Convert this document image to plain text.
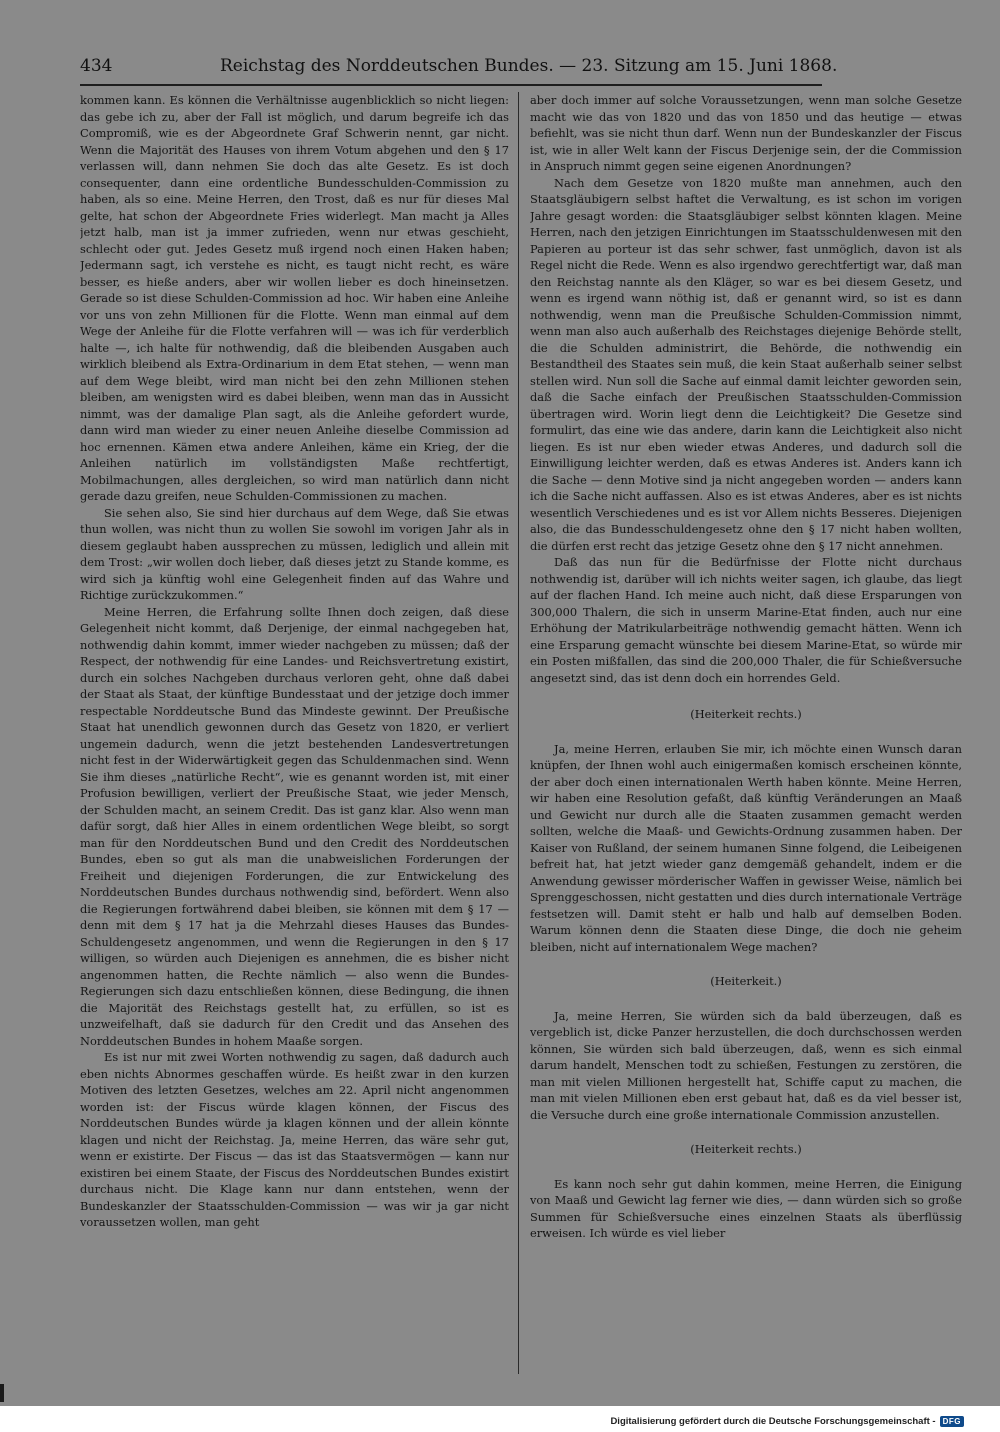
434	Reichstag des Norddeutschen Bundes. — 23. Sitzung am 15. Juni 1868.

kommen kann. Es können die Verhältnisse augenblicklich so nicht liegen: das gebe ich zu, aber der Fall ist möglich, und darum begreife ich das Compromiß, wie es der Abgeordnete Graf Schwerin nennt, gar nicht. Wenn die Majorität des Hauses von ihrem Votum abgehen und den § 17 verlassen will, dann nehmen Sie doch das alte Gesetz. Es ist doch consequenter, dann eine ordentliche Bundesschulden-Commission zu haben, als so eine. Meine Herren, den Trost, daß es nur für dieses Mal gelte, hat schon der Abgeordnete Fries widerlegt. Man macht ja Alles jetzt halb, man ist ja immer zufrieden, wenn nur etwas geschieht, schlecht oder gut. Jedes Gesetz muß irgend noch einen Haken haben; Jedermann sagt, ich verstehe es nicht, es taugt nicht recht, es wäre besser, es hieße anders, aber wir wollen lieber es doch hineinsetzen. Gerade so ist diese Schulden-Commission ad hoc. Wir haben eine Anleihe vor uns von zehn Millionen für die Flotte. Wenn man einmal auf dem Wege der Anleihe für die Flotte verfahren will — was ich für verderblich halte —, ich halte für nothwendig, daß die bleibenden Ausgaben auch wirklich bleibend als Extra-Ordinarium in dem Etat stehen, — wenn man auf dem Wege bleibt, wird man nicht bei den zehn Millionen stehen bleiben, am wenigsten wird es dabei bleiben, wenn man das in Aussicht nimmt, was der damalige Plan sagt, als die Anleihe gefordert wurde, dann wird man wieder zu einer neuen Anleihe dieselbe Commission ad hoc ernennen. Kämen etwa andere Anleihen, käme ein Krieg, der die Anleihen natürlich im vollständigsten Maße rechtfertigt, Mobilmachungen, alles dergleichen, so wird man natürlich dann nicht gerade dazu greifen, neue Schulden-Commissionen zu machen.

Sie sehen also, Sie sind hier durchaus auf dem Wege, daß Sie etwas thun wollen, was nicht thun zu wollen Sie sowohl im vorigen Jahr als in diesem geglaubt haben aussprechen zu müssen, lediglich und allein mit dem Trost: „wir wollen doch lieber, daß dieses jetzt zu Stande komme, es wird sich ja künftig wohl eine Gelegenheit finden auf das Wahre und Richtige zurückzukommen.“

Meine Herren, die Erfahrung sollte Ihnen doch zeigen, daß diese Gelegenheit nicht kommt, daß Derjenige, der einmal nachgegeben hat, nothwendig dahin kommt, immer wieder nachgeben zu müssen; daß der Respect, der nothwendig für eine Landes- und Reichsvertretung existirt, durch ein solches Nachgeben durchaus verloren geht, ohne daß dabei der Staat als Staat, der künftige Bundesstaat und der jetzige doch immer respectable Norddeutsche Bund das Mindeste gewinnt. Der Preußische Staat hat unendlich gewonnen durch das Gesetz von 1820, er verliert ungemein dadurch, wenn die jetzt bestehenden Landesvertretungen nicht fest in der Widerwärtigkeit gegen das Schuldenmachen sind. Wenn Sie ihm dieses „natürliche Recht“, wie es genannt worden ist, mit einer Profusion bewilligen, verliert der Preußische Staat, wie jeder Mensch, der Schulden macht, an seinem Credit. Das ist ganz klar. Also wenn man dafür sorgt, daß hier Alles in einem ordentlichen Wege bleibt, so sorgt man für den Norddeutschen Bund und den Credit des Norddeutschen Bundes, eben so gut als man die unabweislichen Forderungen der Freiheit und diejenigen Forderungen, die zur Entwickelung des Norddeutschen Bundes durchaus nothwendig sind, befördert. Wenn also die Regierungen fortwährend dabei bleiben, sie können mit dem § 17 — denn mit dem § 17 hat ja die Mehrzahl dieses Hauses das Bundes-Schuldengesetz angenommen, und wenn die Regierungen in den § 17 willigen, so würden auch Diejenigen es annehmen, die es bisher nicht angenommen hatten, die Rechte nämlich — also wenn die Bundes-Regierungen sich dazu entschließen können, diese Bedingung, die ihnen die Majorität des Reichstags gestellt hat, zu erfüllen, so ist es unzweifelhaft, daß sie dadurch für den Credit und das Ansehen des Norddeutschen Bundes in hohem Maaße sorgen.

Es ist nur mit zwei Worten nothwendig zu sagen, daß dadurch auch eben nichts Abnormes geschaffen würde. Es heißt zwar in den kurzen Motiven des letzten Gesetzes, welches am 22. April nicht angenommen worden ist: der Fiscus würde klagen können, der Fiscus des Norddeutschen Bundes würde ja klagen können und der allein könnte klagen und nicht der Reichstag. Ja, meine Herren, das wäre sehr gut, wenn er existirte. Der Fiscus — das ist das Staatsvermögen — kann nur existiren bei einem Staate, der Fiscus des Norddeutschen Bundes existirt durchaus nicht. Die Klage kann nur dann entstehen, wenn der Bundeskanzler der Staatsschulden-Commission — was wir ja gar nicht voraussetzen wollen, man geht

aber doch immer auf solche Voraussetzungen, wenn man solche Gesetze macht wie das von 1820 und das von 1850 und das heutige — etwas befiehlt, was sie nicht thun darf. Wenn nun der Bundeskanzler der Fiscus ist, wie in aller Welt kann der Fiscus Derjenige sein, der die Commission in Anspruch nimmt gegen seine eigenen Anordnungen?

Nach dem Gesetze von 1820 mußte man annehmen, auch den Staatsgläubigern selbst haftet die Verwaltung, es ist schon im vorigen Jahre gesagt worden: die Staatsgläubiger selbst könnten klagen. Meine Herren, nach den jetzigen Einrichtungen im Staatsschuldenwesen mit den Papieren au porteur ist das sehr schwer, fast unmöglich, davon ist als Regel nicht die Rede. Wenn es also irgendwo gerechtfertigt war, daß man den Reichstag nannte als den Kläger, so war es bei diesem Gesetz, und wenn es irgend wann nöthig ist, daß er genannt wird, so ist es dann nothwendig, wenn man die Preußische Schulden-Commission nimmt, wenn man also auch außerhalb des Reichstages diejenige Behörde stellt, die die Schulden administrirt, die Behörde, die nothwendig ein Bestandtheil des Staates sein muß, die kein Staat außerhalb seiner selbst stellen wird. Nun soll die Sache auf einmal damit leichter geworden sein, daß die Sache einfach der Preußischen Staatsschulden-Commission übertragen wird. Worin liegt denn die Leichtigkeit? Die Gesetze sind formulirt, das eine wie das andere, darin kann die Leichtigkeit also nicht liegen. Es ist nur eben wieder etwas Anderes, und dadurch soll die Einwilligung leichter werden, daß es etwas Anderes ist. Anders kann ich die Sache — denn Motive sind ja nicht angegeben worden — anders kann ich die Sache nicht auffassen. Also es ist etwas Anderes, aber es ist nichts wesentlich Verschiedenes und es ist vor Allem nichts Besseres. Diejenigen also, die das Bundesschuldengesetz ohne den § 17 nicht haben wollten, die dürfen erst recht das jetzige Gesetz ohne den § 17 nicht annehmen.

Daß das nun für die Bedürfnisse der Flotte nicht durchaus nothwendig ist, darüber will ich nichts weiter sagen, ich glaube, das liegt auf der flachen Hand. Ich meine auch nicht, daß diese Ersparungen von 300,000 Thalern, die sich in unserm Marine-Etat finden, auch nur eine Erhöhung der Matrikularbeiträge nothwendig gemacht hätten. Wenn ich eine Ersparung gemacht wünschte bei diesem Marine-Etat, so würde mir ein Posten mißfallen, das sind die 200,000 Thaler, die für Schießversuche angesetzt sind, das ist denn doch ein horrendes Geld.

(Heiterkeit rechts.)

Ja, meine Herren, erlauben Sie mir, ich möchte einen Wunsch daran knüpfen, der Ihnen wohl auch einigermaßen komisch erscheinen könnte, der aber doch einen internationalen Werth haben könnte. Meine Herren, wir haben eine Resolution gefaßt, daß künftig Veränderungen an Maaß und Gewicht nur durch alle die Staaten zusammen gemacht werden sollten, welche die Maaß- und Gewichts-Ordnung zusammen haben. Der Kaiser von Rußland, der seinem humanen Sinne folgend, die Leibeigenen befreit hat, hat jetzt wieder ganz demgemäß gehandelt, indem er die Anwendung gewisser mörderischer Waffen in gewisser Weise, nämlich bei Sprenggeschossen, nicht gestatten und dies durch internationale Verträge festsetzen will. Damit steht er halb und halb auf demselben Boden. Warum können denn die Staaten diese Dinge, die doch nie geheim bleiben, nicht auf internationalem Wege machen?

(Heiterkeit.)

Ja, meine Herren, Sie würden sich da bald überzeugen, daß es vergeblich ist, dicke Panzer herzustellen, die doch durchschossen werden können, Sie würden sich bald überzeugen, daß, wenn es sich einmal darum handelt, Menschen todt zu schießen, Festungen zu zerstören, die man mit vielen Millionen hergestellt hat, Schiffe caput zu machen, die man mit vielen Millionen eben erst gebaut hat, daß es da viel besser ist, die Versuche durch eine große internationale Commission anzustellen.

(Heiterkeit rechts.)

Es kann noch sehr gut dahin kommen, meine Herren, die Einigung von Maaß und Gewicht lag ferner wie dies, — dann würden sich so große Summen für Schießversuche eines einzelnen Staats als überflüssig erweisen. Ich würde es viel lieber

Digitalisierung gefördert durch die Deutsche Forschungsgemeinschaft - DFG
